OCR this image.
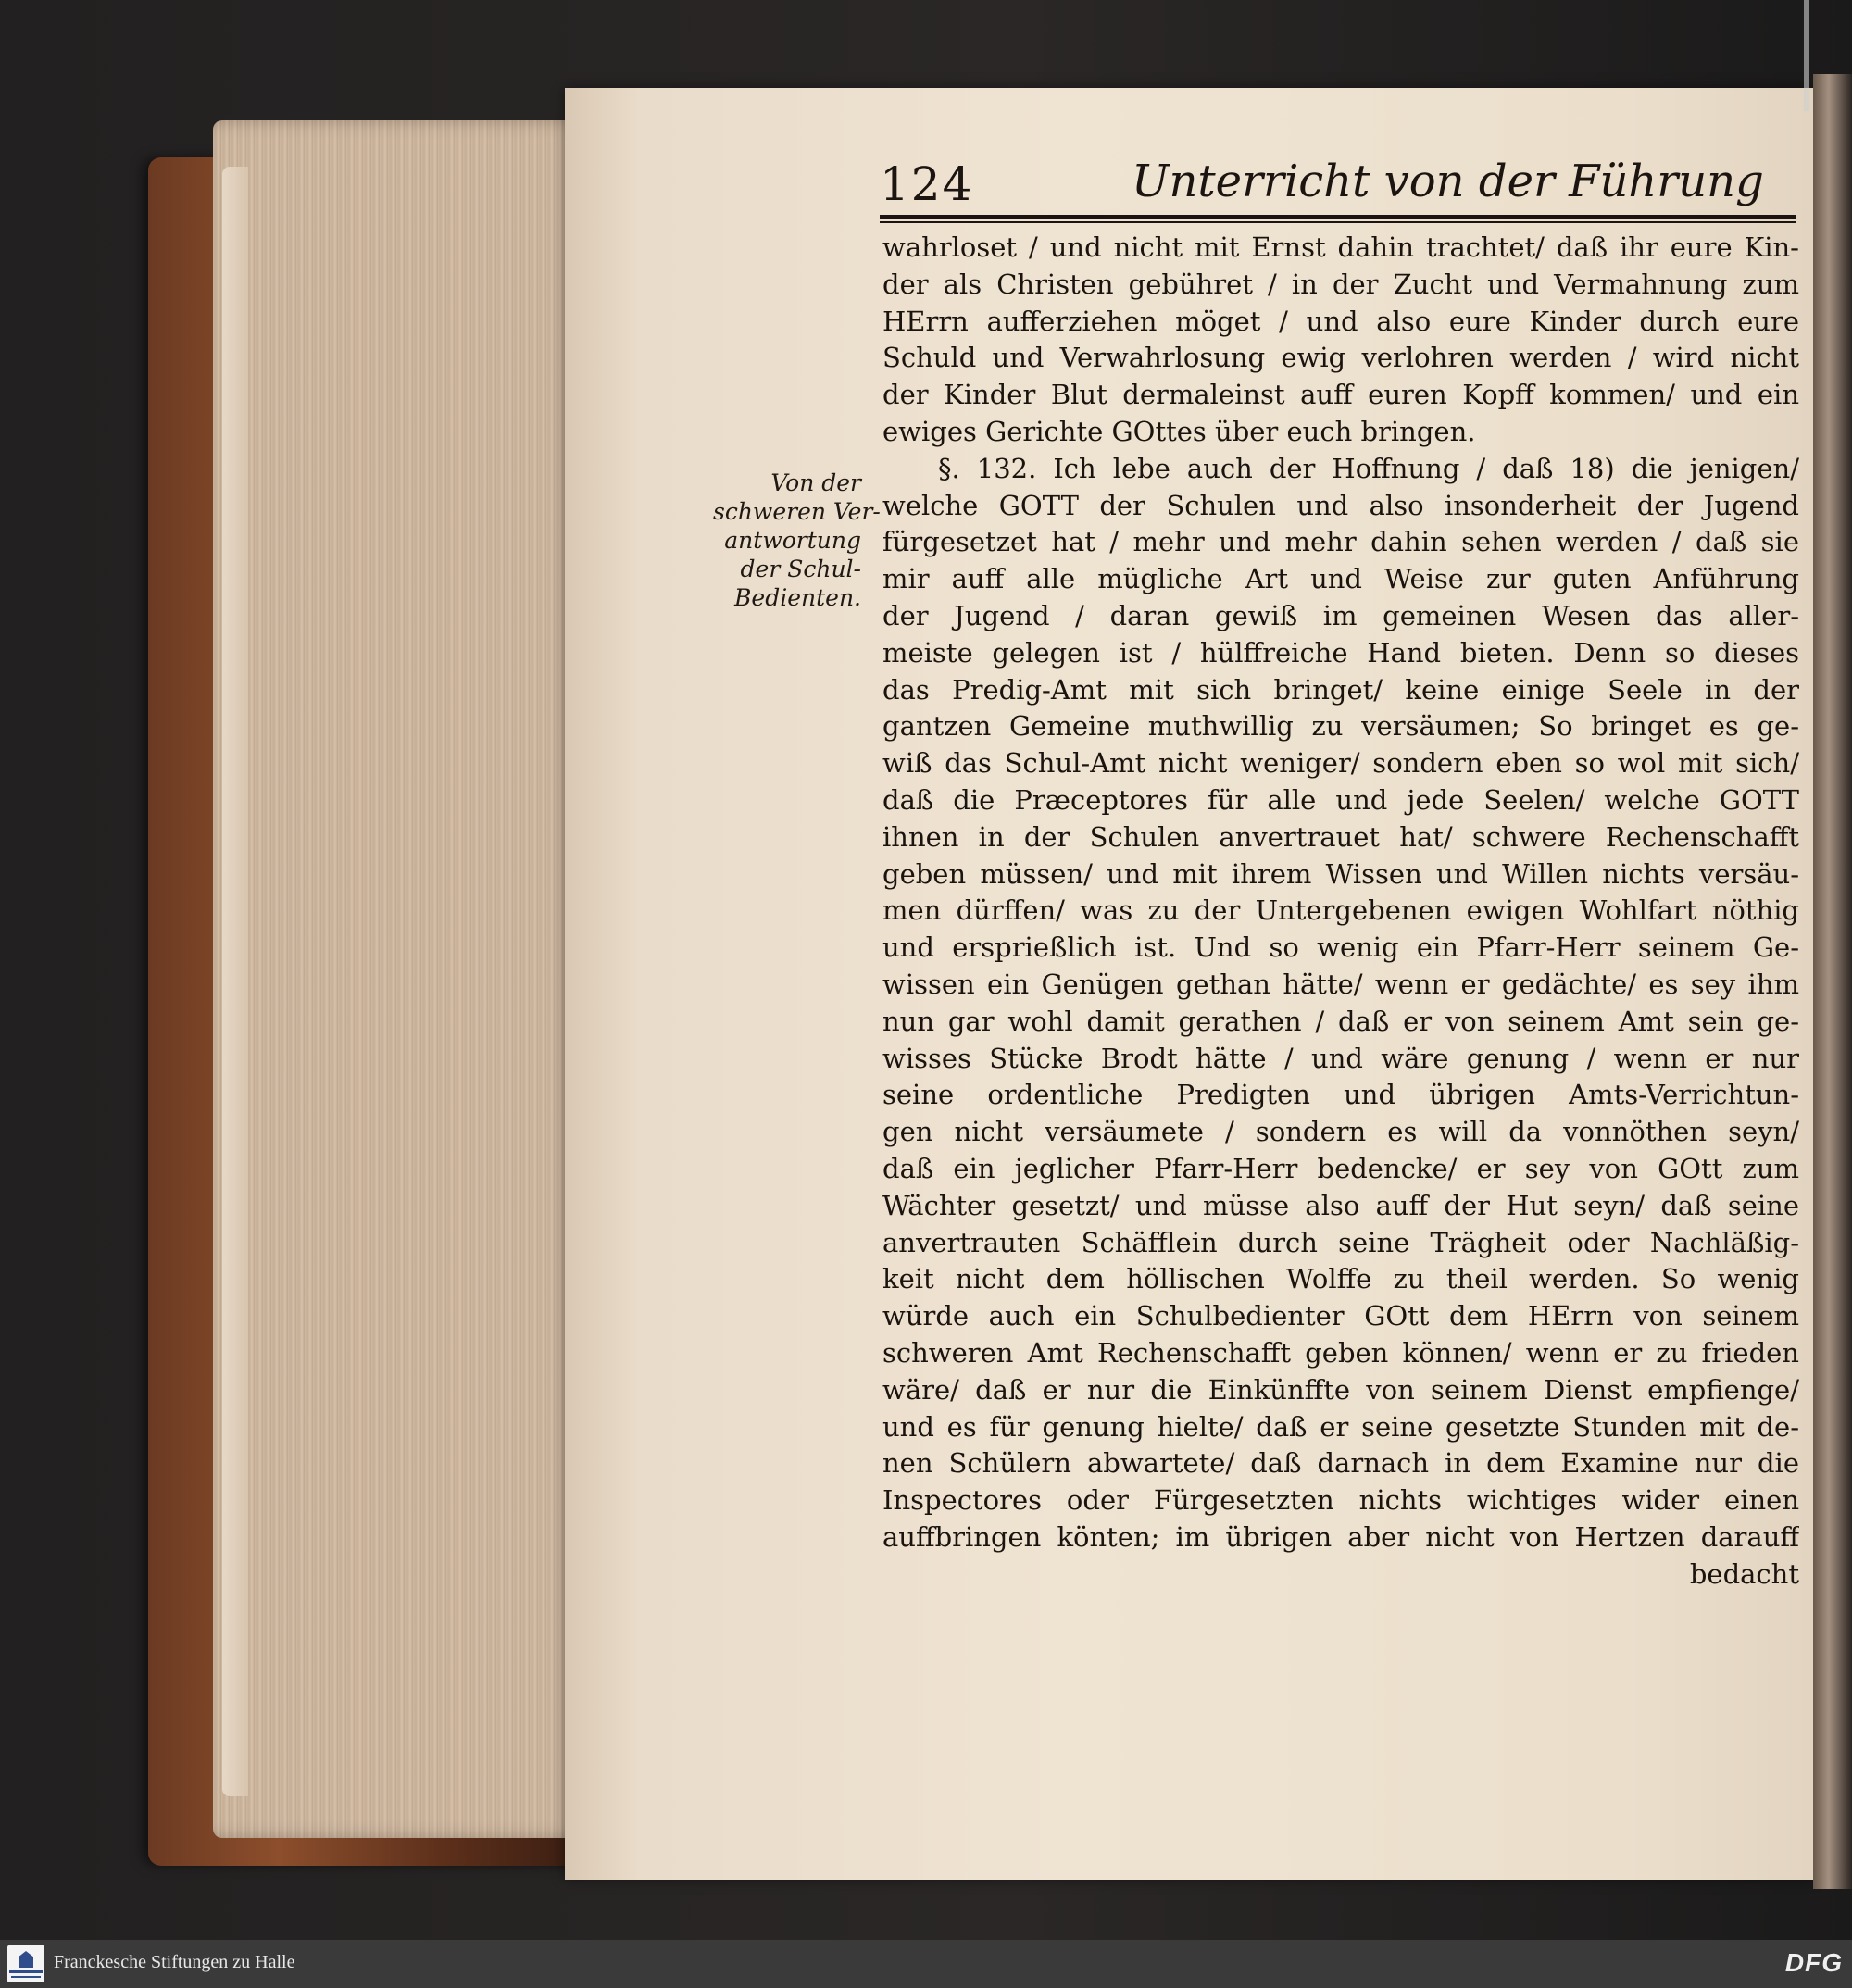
124	Unterricht von der Führung
Von der
schweren Ver-
antwortung
der Schul-
Bedienten.
wahrloset / und nicht mit Ernst dahin trachtet/ daß ihr eure Kin-
der als Christen gebühret / in der Zucht und Vermahnung zum
HErrn aufferziehen möget / und also eure Kinder durch eure
Schuld und Verwahrlosung ewig verlohren werden / wird nicht
der Kinder Blut dermaleinst auff euren Kopff kommen/ und ein
ewiges Gerichte GOttes über euch bringen.
§. 132. Ich lebe auch der Hoffnung / daß 18) die jenigen/
welche GOTT der Schulen und also insonderheit der Jugend
fürgesetzet hat / mehr und mehr dahin sehen werden / daß sie
mir auff alle mügliche Art und Weise zur guten Anführung
der Jugend / daran gewiß im gemeinen Wesen das aller-
meiste gelegen ist / hülffreiche Hand bieten. Denn so dieses
das Predig-Amt mit sich bringet/ keine einige Seele in der
gantzen Gemeine muthwillig zu versäumen; So bringet es ge-
wiß das Schul-Amt nicht weniger/ sondern eben so wol mit sich/
daß die Præceptores für alle und jede Seelen/ welche GOTT
ihnen in der Schulen anvertrauet hat/ schwere Rechenschafft
geben müssen/ und mit ihrem Wissen und Willen nichts versäu-
men dürffen/ was zu der Untergebenen ewigen Wohlfart nöthig
und ersprießlich ist. Und so wenig ein Pfarr-Herr seinem Ge-
wissen ein Genügen gethan hätte/ wenn er gedächte/ es sey ihm
nun gar wohl damit gerathen / daß er von seinem Amt sein ge-
wisses Stücke Brodt hätte / und wäre genung / wenn er nur
seine ordentliche Predigten und übrigen Amts-Verrichtun-
gen nicht versäumete / sondern es will da vonnöthen seyn/
daß ein jeglicher Pfarr-Herr bedencke/ er sey von GOtt zum
Wächter gesetzt/ und müsse also auff der Hut seyn/ daß seine
anvertrauten Schäfflein durch seine Trägheit oder Nachläßig-
keit nicht dem höllischen Wolffe zu theil werden. So wenig
würde auch ein Schulbedienter GOtt dem HErrn von seinem
schweren Amt Rechenschafft geben können/ wenn er zu frieden
wäre/ daß er nur die Einkünffte von seinem Dienst empfienge/
und es für genung hielte/ daß er seine gesetzte Stunden mit de-
nen Schülern abwartete/ daß darnach in dem Examine nur die
Inspectores oder Fürgesetzten nichts wichtiges wider einen
auffbringen könten; im übrigen aber nicht von Hertzen darauff
bedacht
Franckesche Stiftungen zu Halle	DFG
